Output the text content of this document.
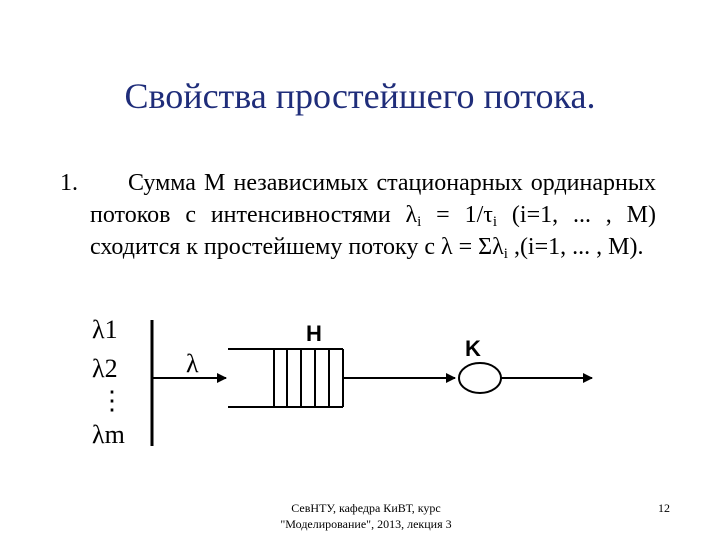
Свойства простейшего потока.
1.	Сумма M независимых стационарных ординарных потоков с интенсивностями $\lambda_i = 1/\tau_i$ (i=1, ... , M) сходится к простейшему потоку с $\lambda = \Sigma\lambda_i$ ,(i=1, ... , M).
λ1
λ2
⋮
λm
λ
H
K
СевНТУ, кафедра КиВТ, курс
"Моделирование", 2013, лекция 3
12
